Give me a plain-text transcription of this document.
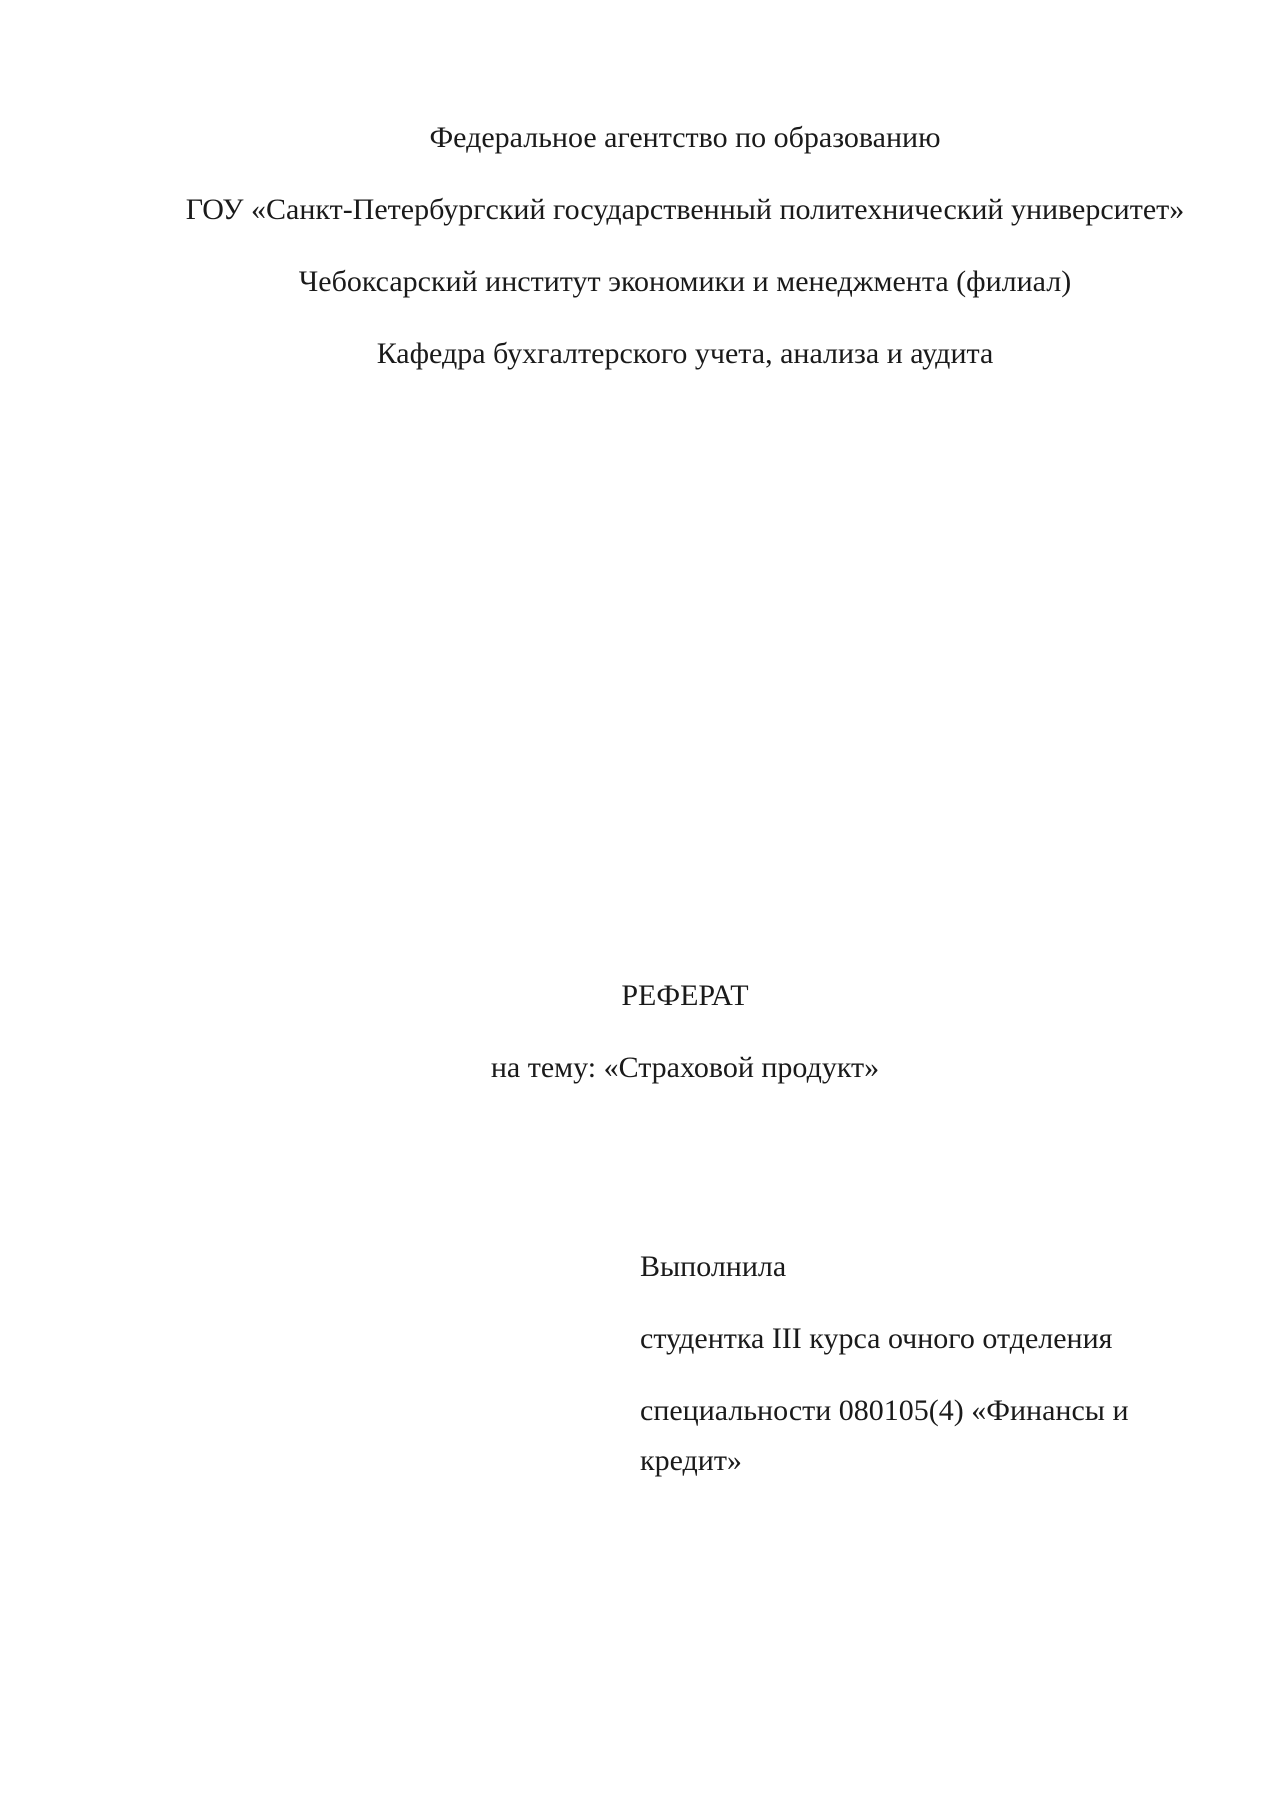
Федеральное агентство по образованию
ГОУ «Санкт-Петербургский государственный политехнический университет»
Чебоксарский институт экономики и менеджмента (филиал)
Кафедра бухгалтерского учета, анализа и аудита
РЕФЕРАТ
на тему: «Страховой продукт»
Выполнила
студентка III курса очного отделения
специальности 080105(4) «Финансы и кредит»
